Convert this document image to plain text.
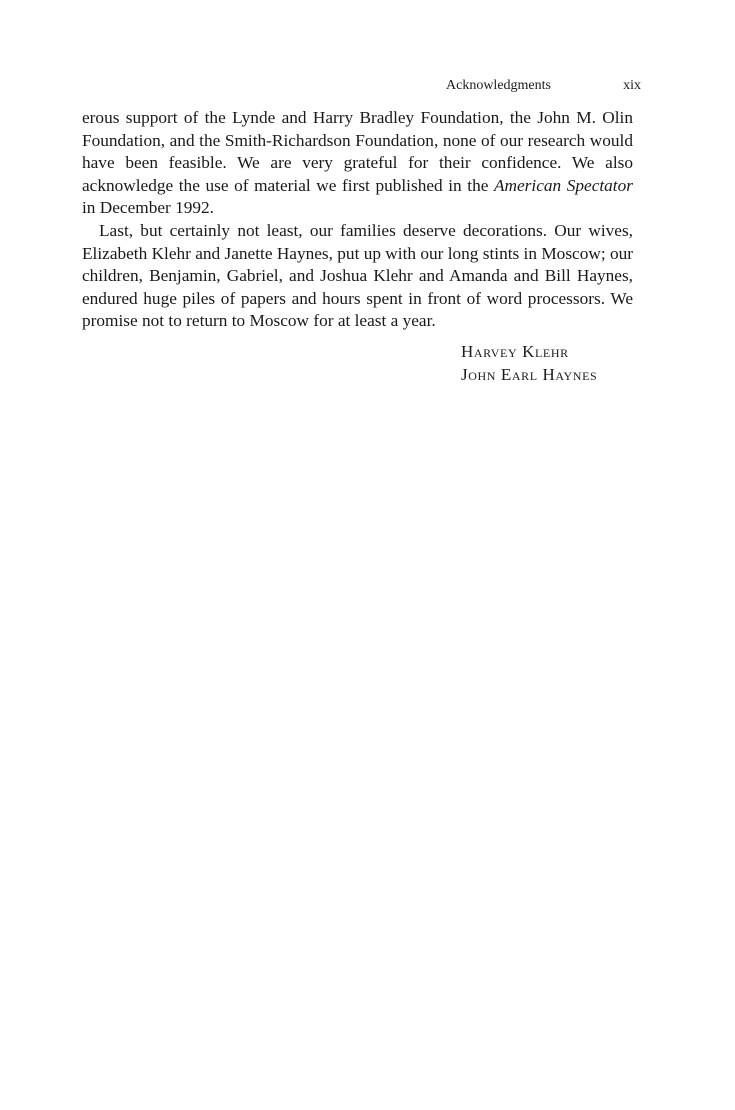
Acknowledgments	xix

erous support of the Lynde and Harry Bradley Foundation, the John M. Olin Foundation, and the Smith-Richardson Foundation, none of our research would have been feasible. We are very grateful for their confidence. We also acknowledge the use of material we first published in the American Spectator in December 1992.

Last, but certainly not least, our families deserve decorations. Our wives, Elizabeth Klehr and Janette Haynes, put up with our long stints in Moscow; our children, Benjamin, Gabriel, and Joshua Klehr and Amanda and Bill Haynes, endured huge piles of papers and hours spent in front of word processors. We promise not to return to Moscow for at least a year.

Harvey Klehr
John Earl Haynes
